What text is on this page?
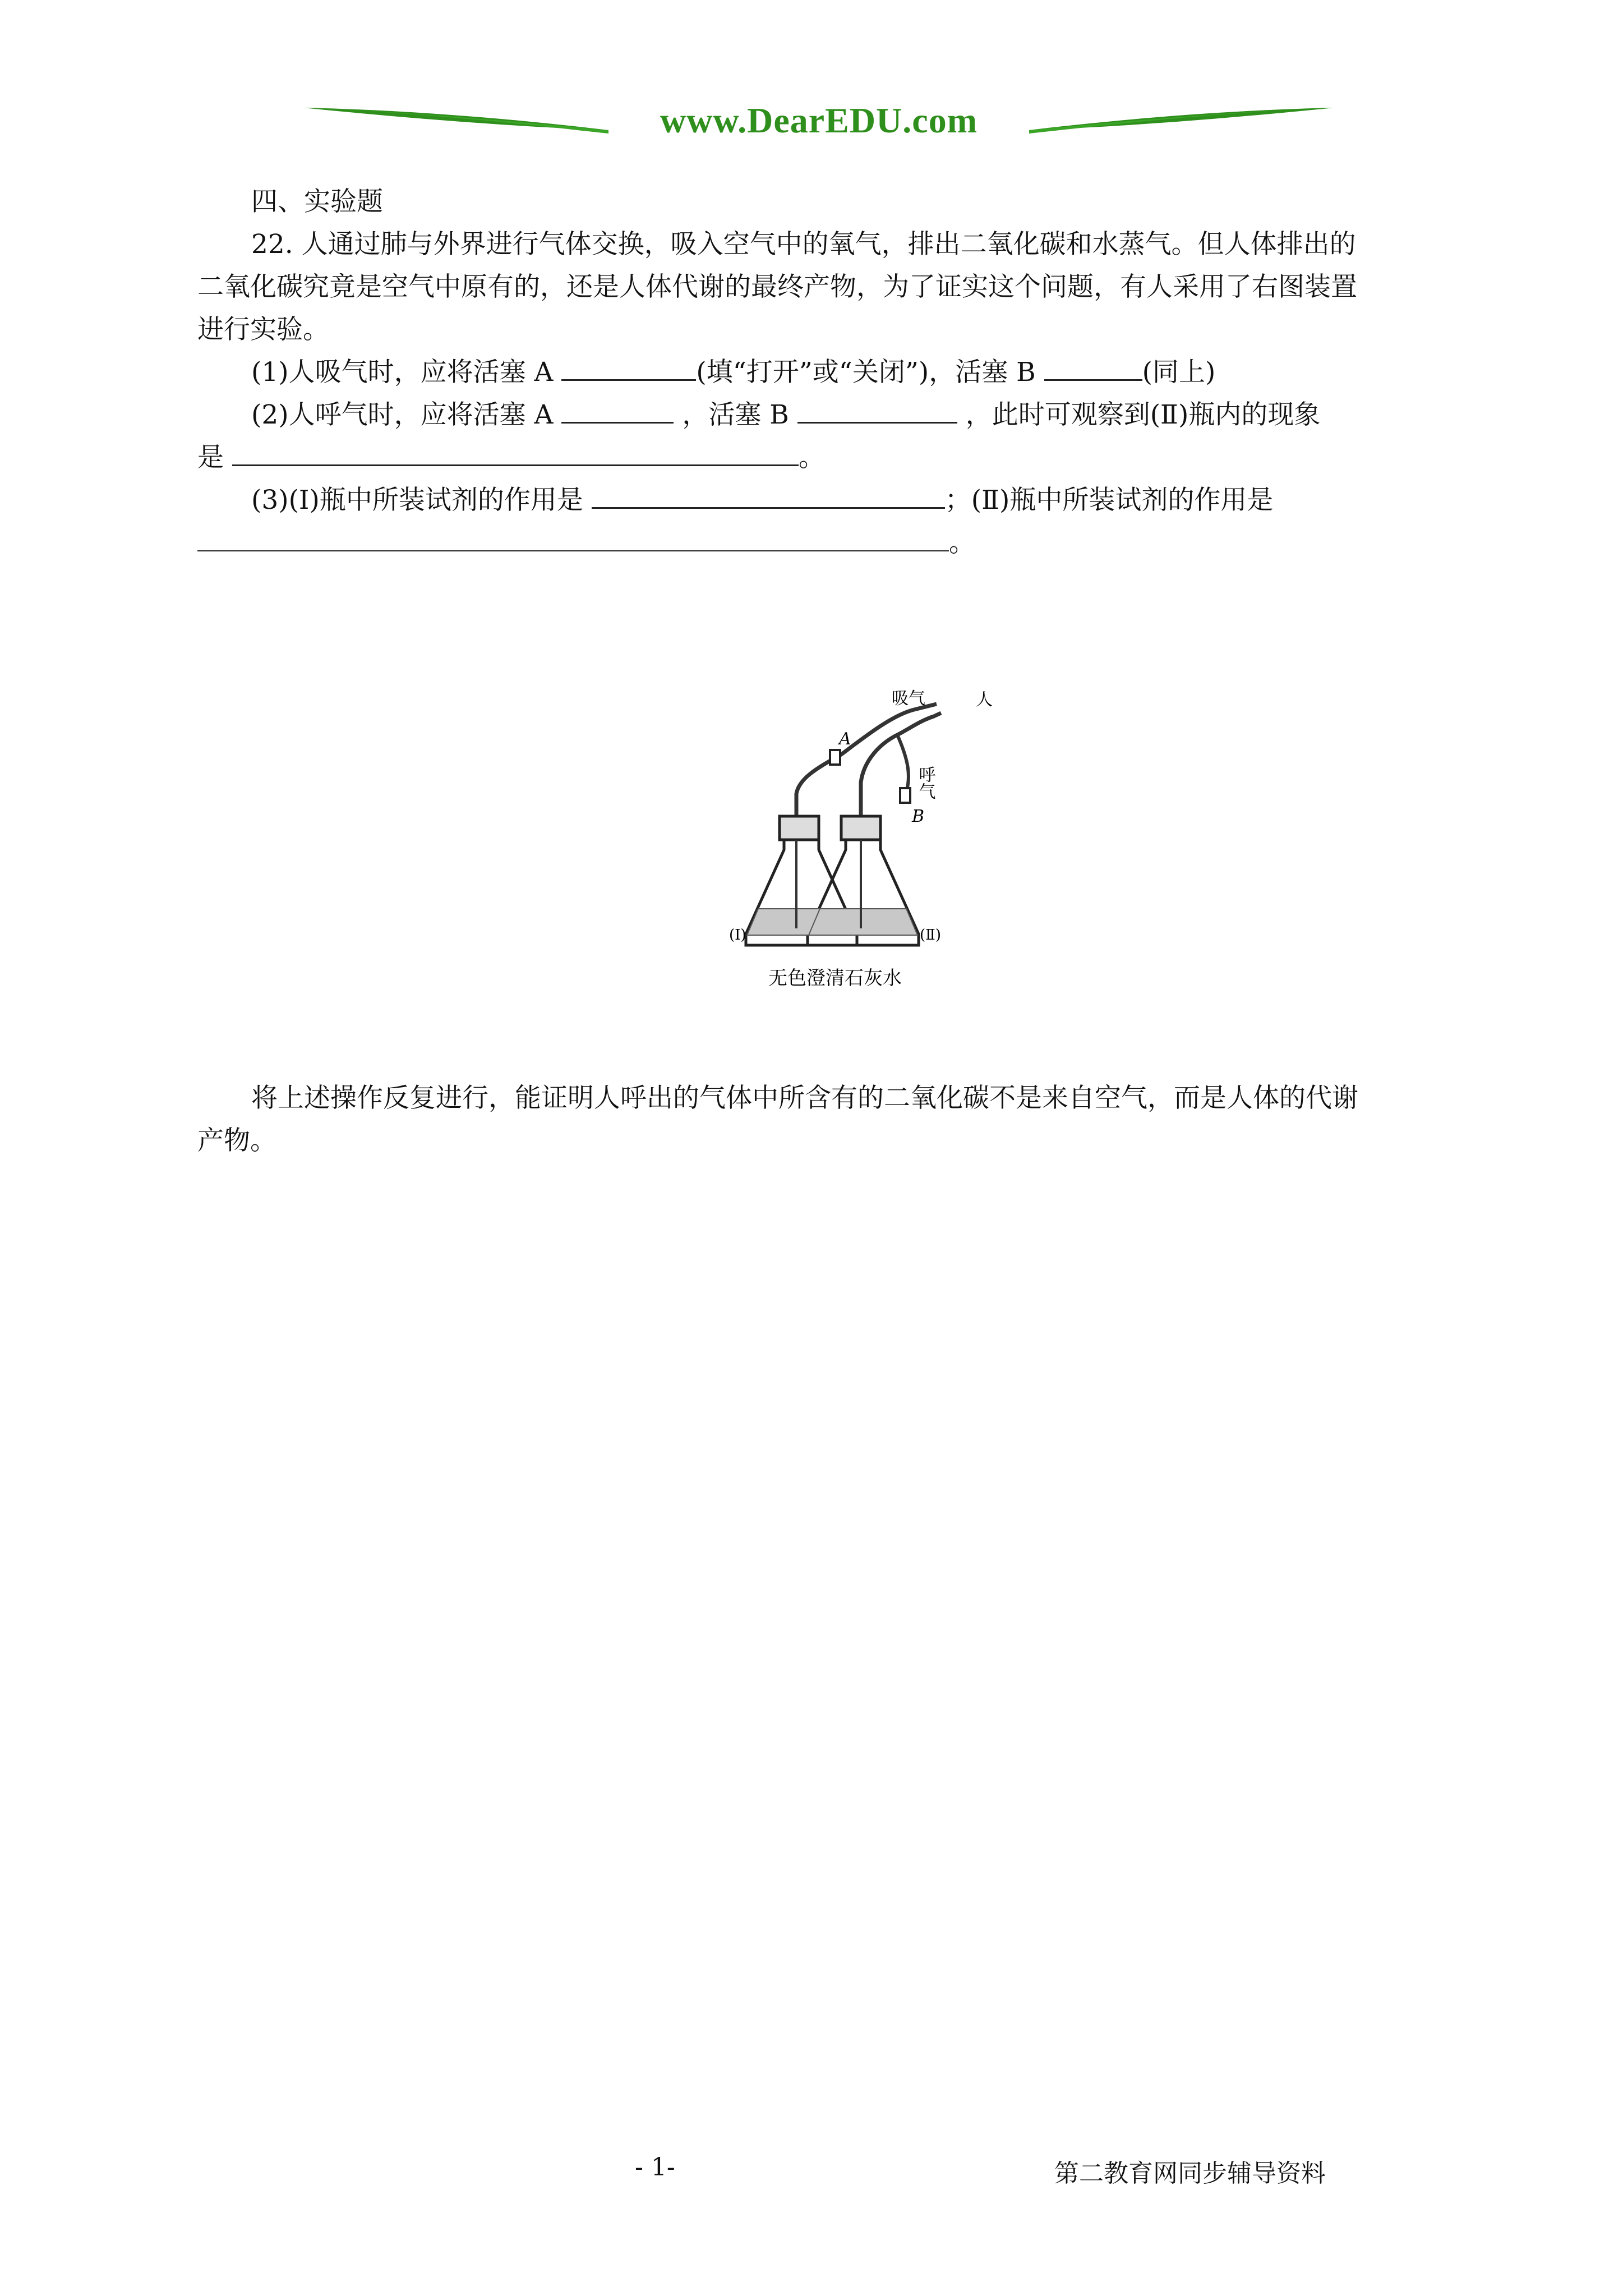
www.DearEDU.com
四、实验题
22. 人通过肺与外界进行气体交换，吸入空气中的氧气，排出二氧化碳和水蒸气。但人体排出的
二氧化碳究竟是空气中原有的，还是人体代谢的最终产物，为了证实这个问题，有人采用了右图装置
进行实验。
(1)人吸气时，应将活塞 A	(填“打开”或“关闭”)，活塞 B	(同上)
(2)人呼气时，应将活塞 A	，活塞 B	，此时可观察到(Ⅱ)瓶内的现象
是	。
(3)(Ⅰ)瓶中所装试剂的作用是	；(Ⅱ)瓶中所装试剂的作用是
。
吸气	人
呼气
A
B
(Ⅰ)	(Ⅱ)
无色澄清石灰水
将上述操作反复进行，能证明人呼出的气体中所含有的二氧化碳不是来自空气，而是人体的代谢
产物。
- 1-	第二教育网同步辅导资料
